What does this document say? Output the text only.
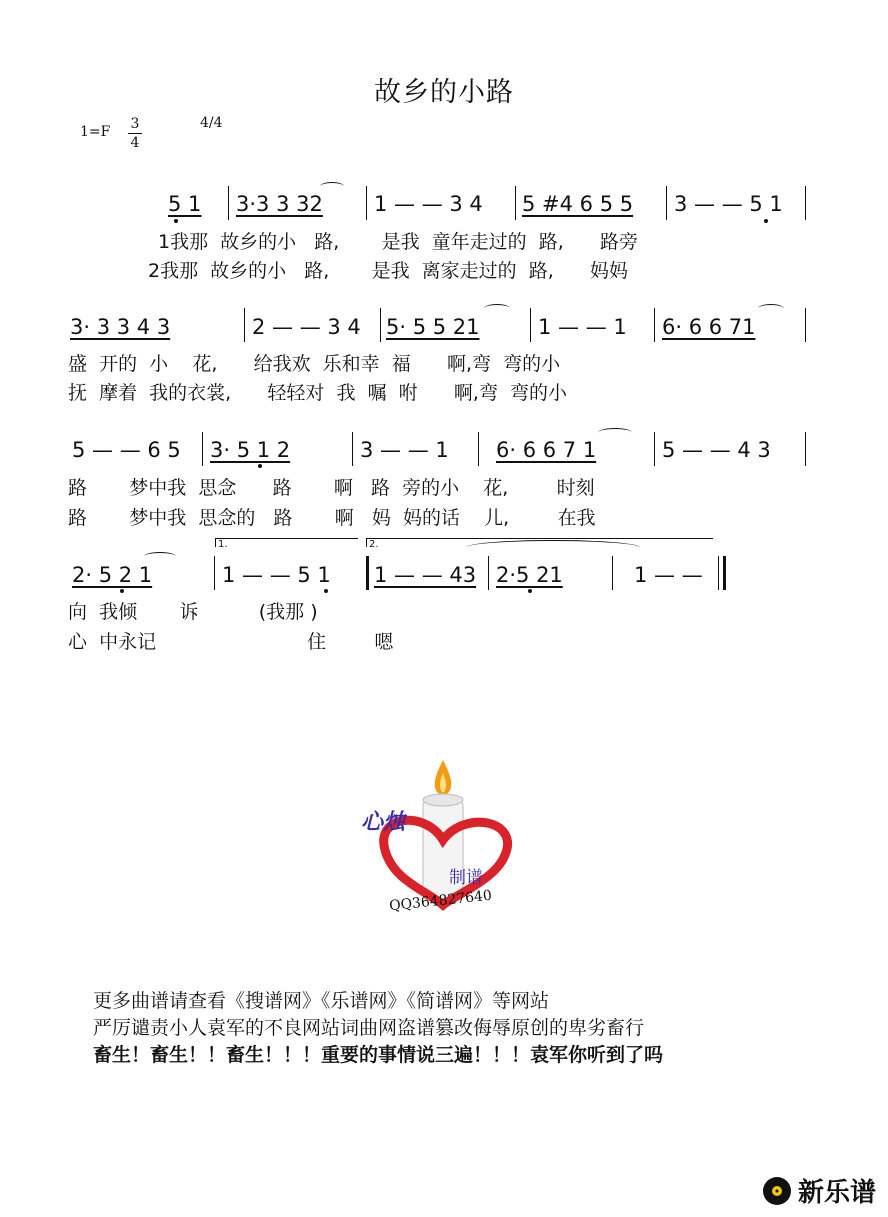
故乡的小路
1=F 3
4
4/4
5 1 3·3 3 32 1 — — 3 4 5 #4 6 5 5 3 — — 5 1
1我那  故乡的小   路,       是我  童年走过的  路,      路旁
2我那  故乡的小   路,       是我  离家走过的  路,      妈妈
3· 3 3 4 3	2 — — 3 4 5· 5 5 21	1 — — 1 6· 6 6 71
盛  开的  小    花,      给我欢  乐和幸  福      啊,弯  弯的小
抚  摩着  我的衣裳,      轻轻对  我  嘱  咐      啊,弯  弯的小
5 — — 6 5 3· 5 1 2	3 — — 1 6· 6 6 7 1	5 — — 4 3
路       梦中我  思念      路       啊   路  旁的小    花,        时刻
路       梦中我  思念的   路       啊   妈  妈的话    儿,        在我
1.	2.
2· 5 2 1	1 — — 5 1 1 — — 43 2·5 21	1 — —
向  我倾       诉          (我那 )
心  中永记                         住        嗯
心烛
制谱
QQ364827640
更多曲谱请查看《搜谱网》《乐谱网》《简谱网》等网站
严厉谴责小人袁军的不良网站词曲网盗谱篡改侮辱原创的卑劣畜行
畜生！畜生！！畜生！！！重要的事情说三遍！！！袁军你听到了吗
新乐谱
